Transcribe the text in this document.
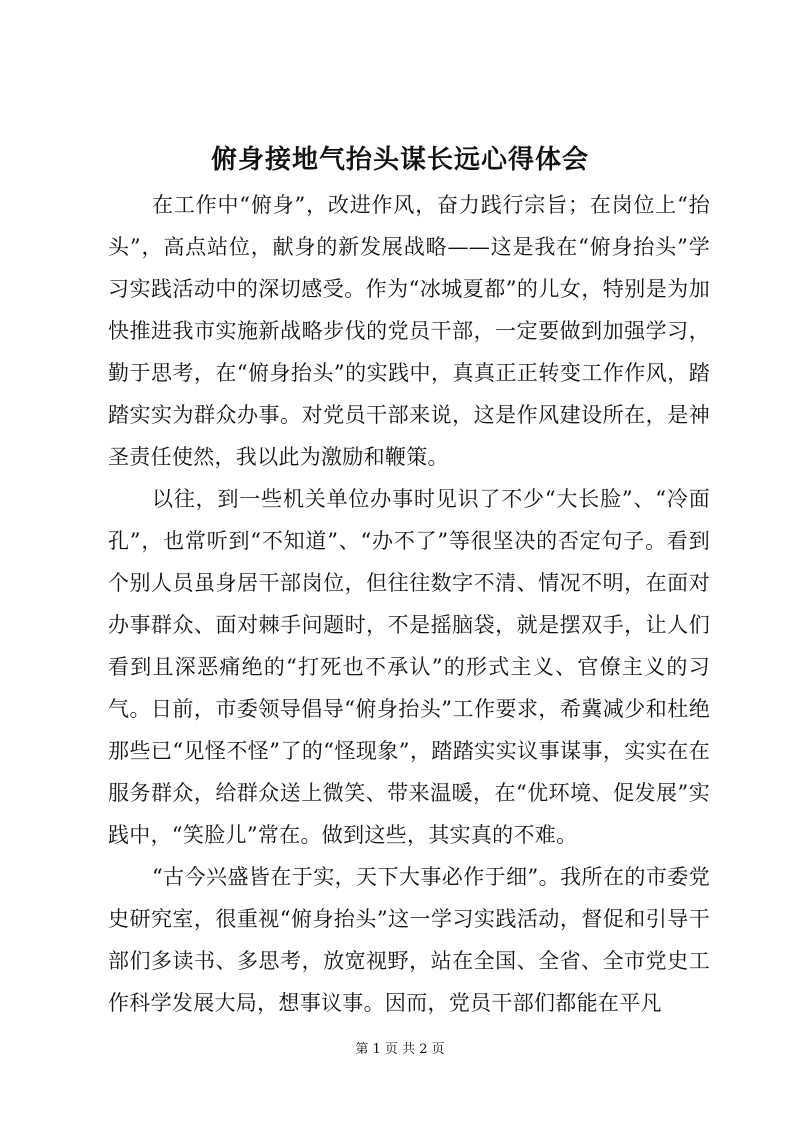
俯身接地气抬头谋长远心得体会

在工作中“俯身”，改进作风，奋力践行宗旨；在岗位上“抬头”，高点站位，献身的新发展战略——这是我在“俯身抬头”学习实践活动中的深切感受。作为“冰城夏都”的儿女，特别是为加快推进我市实施新战略步伐的党员干部，一定要做到加强学习，勤于思考，在“俯身抬头”的实践中，真真正正转变工作作风，踏踏实实为群众办事。对党员干部来说，这是作风建设所在，是神圣责任使然，我以此为激励和鞭策。

以往，到一些机关单位办事时见识了不少“大长脸”、“冷面孔”，也常听到“不知道”、“办不了”等很坚决的否定句子。看到个别人员虽身居干部岗位，但往往数字不清、情况不明，在面对办事群众、面对棘手问题时，不是摇脑袋，就是摆双手，让人们看到且深恶痛绝的“打死也不承认”的形式主义、官僚主义的习气。日前，市委领导倡导“俯身抬头”工作要求，希冀减少和杜绝那些已“见怪不怪”了的“怪现象”，踏踏实实议事谋事，实实在在服务群众，给群众送上微笑、带来温暖，在“优环境、促发展”实践中，“笑脸儿”常在。做到这些，其实真的不难。

“古今兴盛皆在于实，天下大事必作于细”。我所在的市委党史研究室，很重视“俯身抬头”这一学习实践活动，督促和引导干部们多读书、多思考，放宽视野，站在全国、全省、全市党史工作科学发展大局，想事议事。因而，党员干部们都能在平凡

第 1 页 共 2 页
